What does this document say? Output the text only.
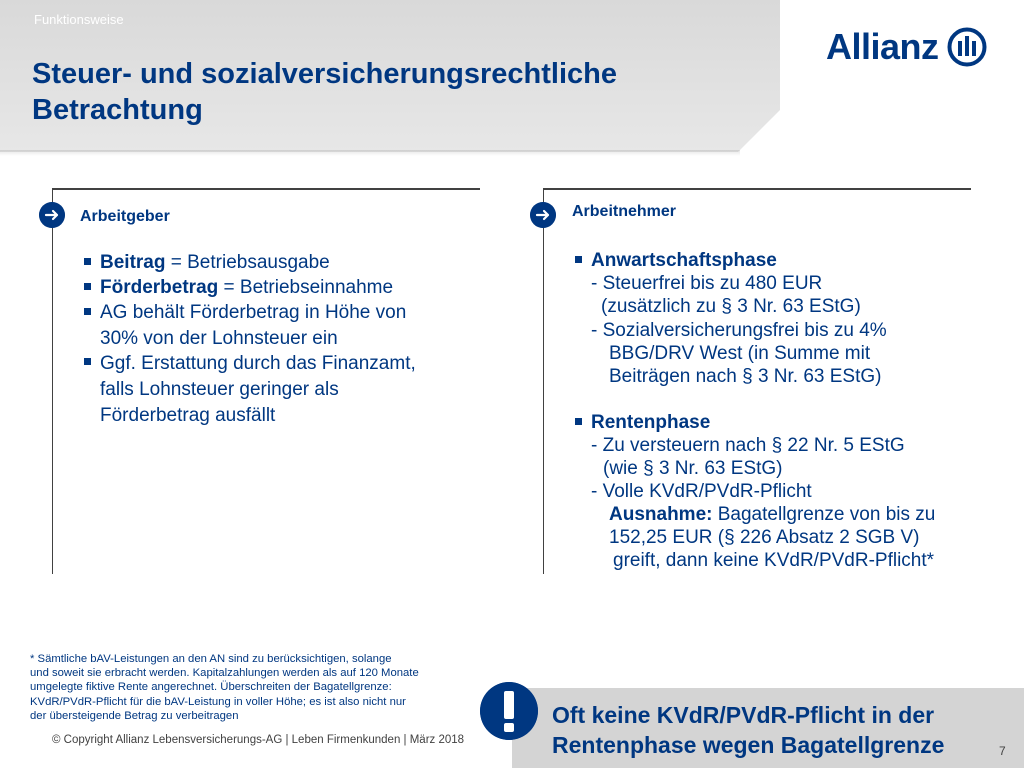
Funktionsweise
Steuer- und sozialversicherungsrechtliche
Betrachtung
Allianz
Arbeitgeber
Beitrag = Betriebsausgabe
Förderbetrag = Betriebseinnahme
AG behält Förderbetrag in Höhe von
30% von der Lohnsteuer ein
Ggf. Erstattung durch das Finanzamt,
falls Lohnsteuer geringer als
Förderbetrag ausfällt
Arbeitnehmer
Anwartschaftsphase
- Steuerfrei bis zu 480 EUR
(zusätzlich zu § 3 Nr. 63 EStG)
- Sozialversicherungsfrei bis zu 4%
BBG/DRV West (in Summe mit
Beiträgen nach § 3 Nr. 63 EStG)
Rentenphase
- Zu versteuern nach § 22 Nr. 5 EStG
(wie § 3 Nr. 63 EStG)
- Volle KVdR/PVdR-Pflicht
Ausnahme: Bagatellgrenze von bis zu
152,25 EUR (§ 226 Absatz 2 SGB V)
greift, dann keine KVdR/PVdR-Pflicht*
* Sämtliche bAV-Leistungen an den AN sind zu berücksichtigen, solange
und soweit sie erbracht werden. Kapitalzahlungen werden als auf 120 Monate
umgelegte fiktive Rente angerechnet. Überschreiten der Bagatellgrenze:
KVdR/PVdR-Pflicht für die bAV-Leistung in voller Höhe; es ist also nicht nur
der übersteigende Betrag zu verbeitragen
© Copyright Allianz Lebensversicherungs-AG | Leben Firmenkunden | März 2018
Oft keine KVdR/PVdR-Pflicht in der
Rentenphase wegen Bagatellgrenze	7
